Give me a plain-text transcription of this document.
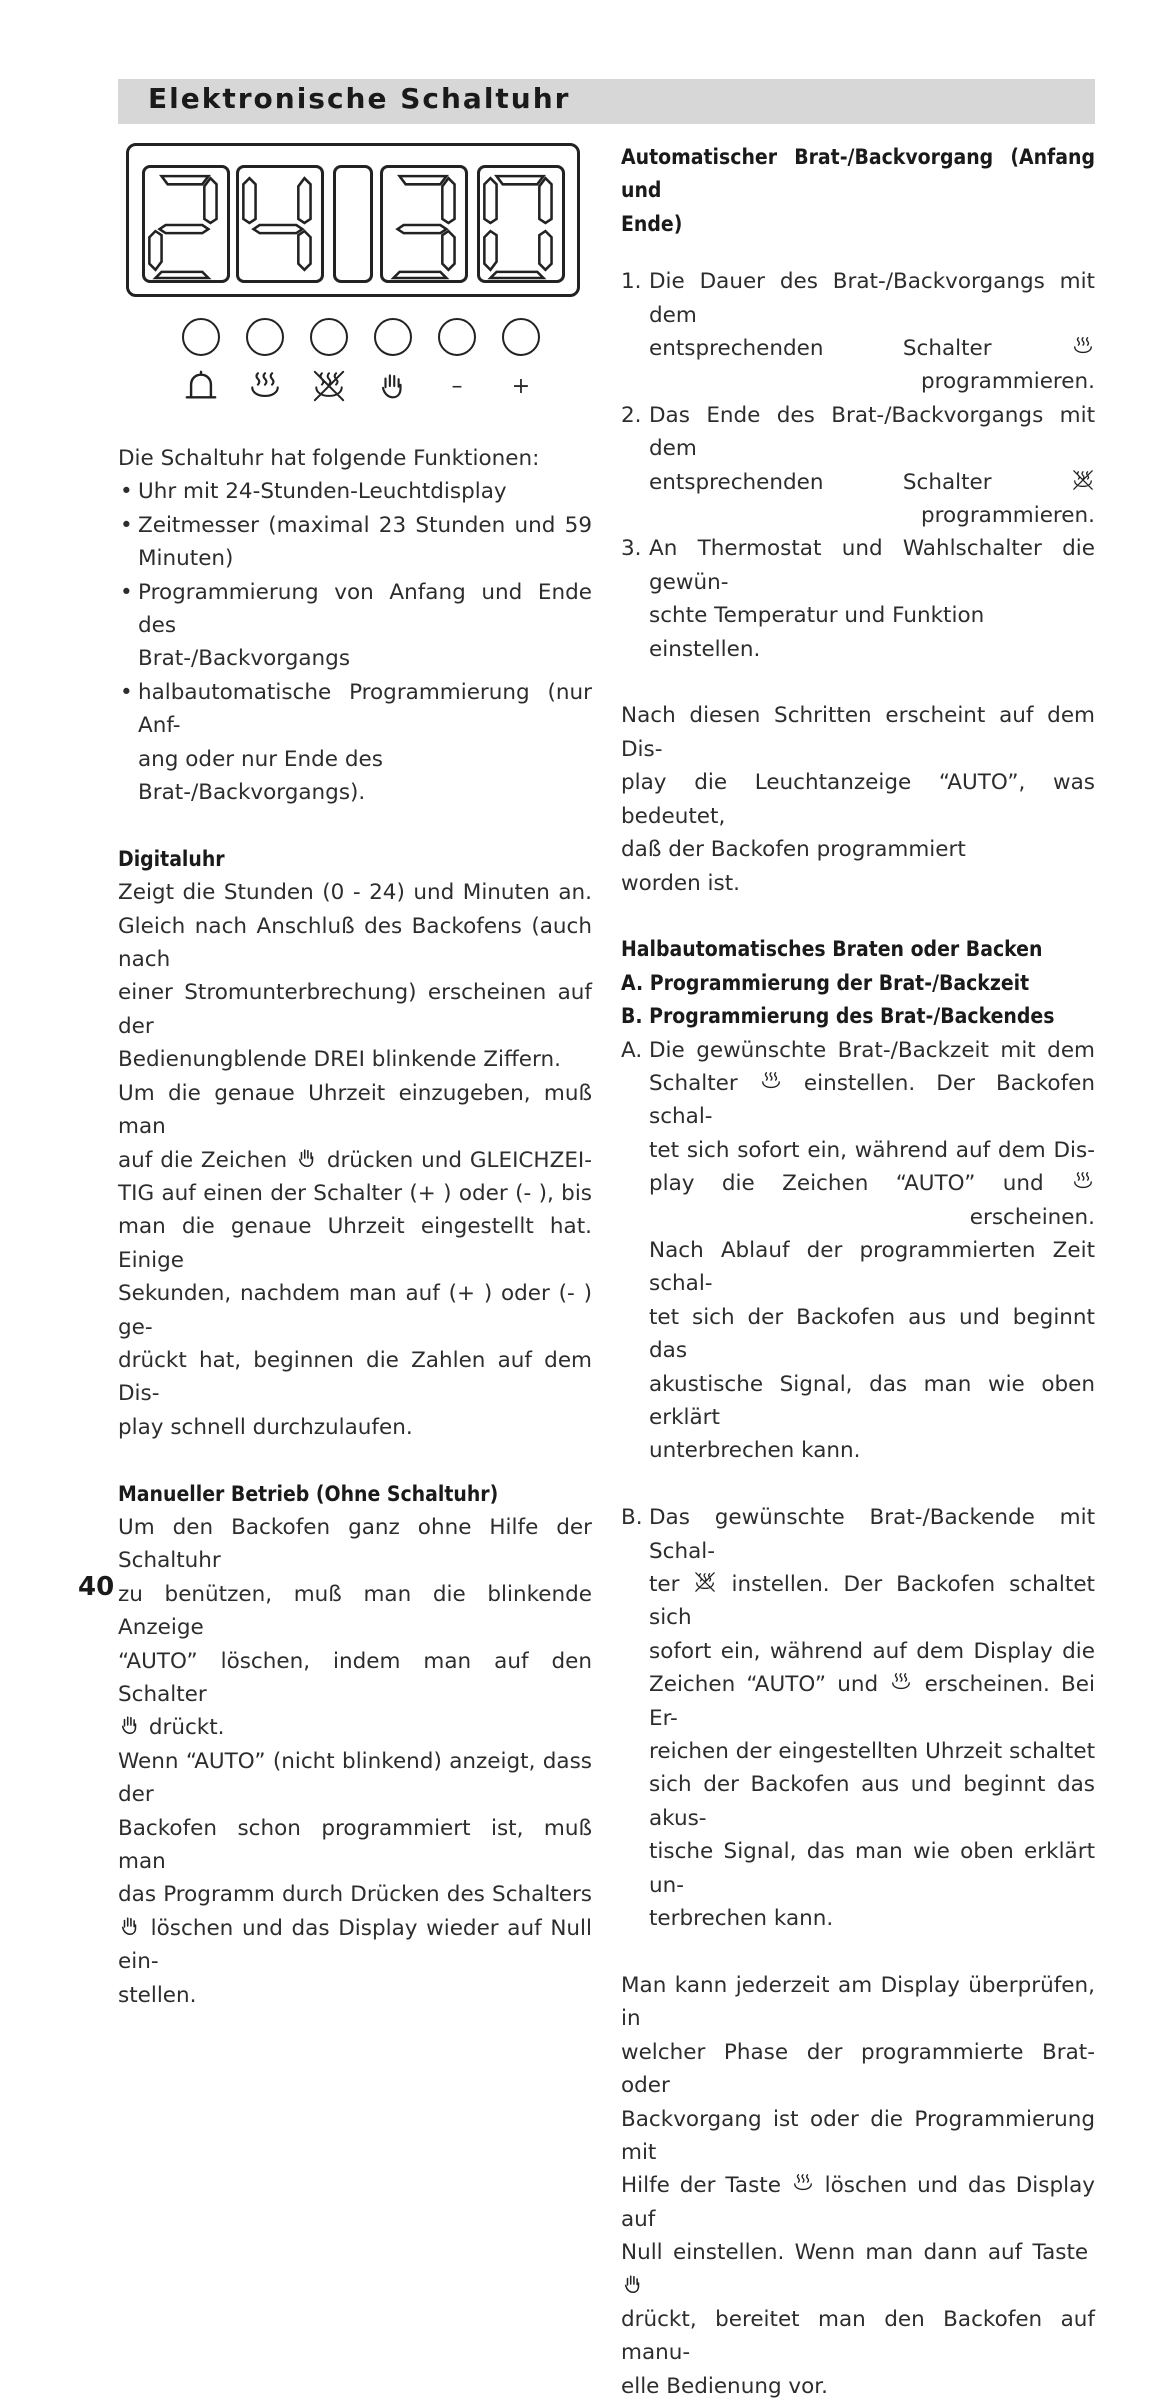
Elektronische Schaltuhr
–	+

Die Schaltuhr hat folgende Funktionen:

• Uhr mit 24-Stunden-Leuchtdisplay

• Zeitmesser (maximal 23 Stunden und 59

Minuten)

• Programmierung von Anfang und Ende des

Brat-/Backvorgangs

• halbautomatische Programmierung (nur Anf-

ang oder nur Ende des Brat-/Backvorgangs).

Digitaluhr

Zeigt die Stunden (0 - 24) und Minuten an.

Gleich nach Anschluß des Backofens (auch nach

einer Stromunterbrechung) erscheinen auf der

Bedienungblende DREI blinkende Ziffern.

Um die genaue Uhrzeit einzugeben, muß man

auf die Zeichen drücken und GLEICHZEI-

TIG auf einen der Schalter (+ ) oder (- ), bis

man die genaue Uhrzeit eingestellt hat. Einige

Sekunden, nachdem man auf (+ ) oder (- ) ge-

drückt hat, beginnen die Zahlen auf dem Dis-

play schnell durchzulaufen.

Manueller Betrieb (Ohne Schaltuhr)

Um den Backofen ganz ohne Hilfe der Schaltuhr

zu benützen, muß man die blinkende Anzeige

“AUTO” löschen, indem man auf den Schalter

drückt.

Wenn “AUTO” (nicht blinkend) anzeigt, dass der

Backofen schon programmiert ist, muß man

das Programm durch Drücken des Schalters

löschen und das Display wieder auf Null ein-

stellen.

Automatischer Brat-/Backvorgang (Anfang und

Ende)

1. Die Dauer des Brat-/Backvorgangs mit dem

entsprechenden Schalter  programmieren.

2. Das Ende des Brat-/Backvorgangs mit dem

entsprechenden Schalter  programmieren.

3. An Thermostat und Wahlschalter die gewün-

schte Temperatur und Funktion einstellen.

Nach diesen Schritten erscheint auf dem Dis-

play die Leuchtanzeige “AUTO”, was bedeutet,

daß der Backofen programmiert

worden ist.

Halbautomatisches Braten oder Backen

A. Programmierung der Brat-/Backzeit

B. Programmierung des Brat-/Backendes

A. Die gewünschte Brat-/Backzeit mit dem

Schalter	einstellen. Der Backofen schal-

tet sich sofort ein, während auf dem Dis-

play die Zeichen “AUTO” und  erscheinen.

Nach Ablauf der programmierten Zeit schal-

tet sich der Backofen aus und beginnt das

akustische Signal, das man wie oben erklärt

unterbrechen kann.

B. Das gewünschte Brat-/Backende mit Schal-

ter instellen. Der Backofen schaltet sich

sofort ein, während auf dem Display die

Zeichen “AUTO” und erscheinen. Bei Er-

reichen der eingestellten Uhrzeit schaltet

sich der Backofen aus und beginnt das akus-

tische Signal, das man wie oben erklärt un-

terbrechen kann.

Man kann jederzeit am Display überprüfen, in

welcher Phase der programmierte Brat- oder

Backvorgang ist oder die Programmierung mit

Hilfe der Taste löschen und das Display auf

Null einstellen. Wenn man dann auf Taste

drückt, bereitet man den Backofen auf manu-

elle Bedienung vor.

40
